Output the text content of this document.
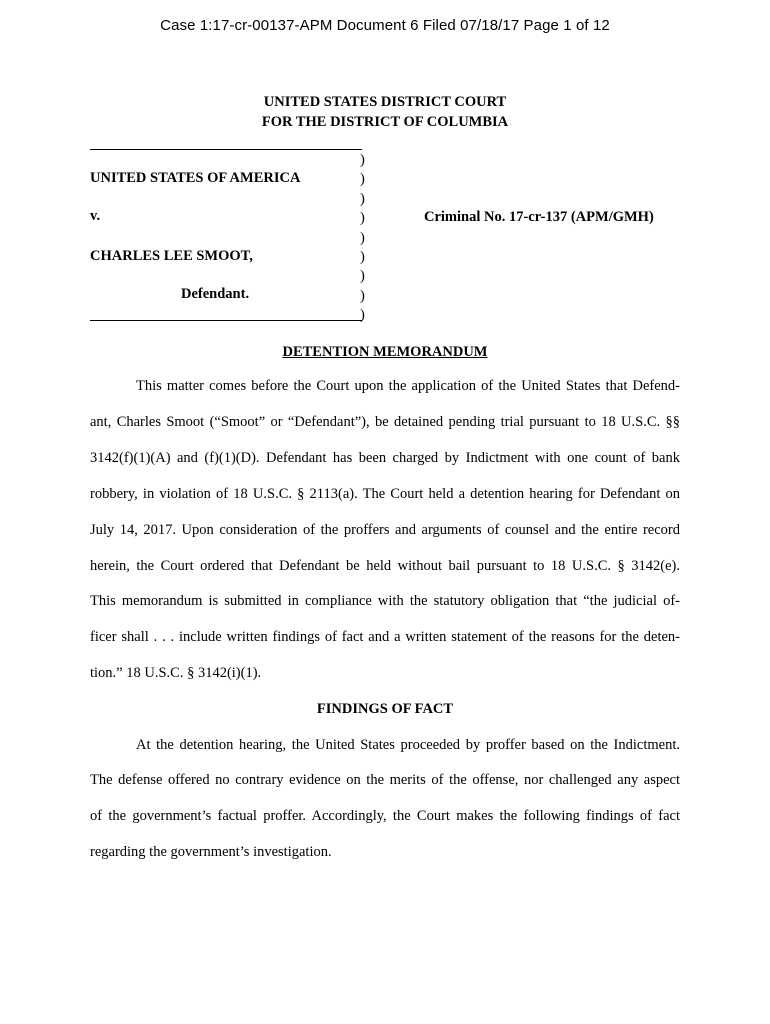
Case 1:17-cr-00137-APM Document 6 Filed 07/18/17 Page 1 of 12
UNITED STATES DISTRICT COURT
FOR THE DISTRICT OF COLUMBIA
)
)
)
)
)
)
)
)
)
UNITED STATES OF AMERICA
v.
CHARLES LEE SMOOT,
Defendant.
Criminal No. 17-cr-137 (APM/GMH)
DETENTION MEMORANDUM
This matter comes before the Court upon the application of the United States that Defend-
ant, Charles Smoot (“Smoot” or “Defendant”), be detained pending trial pursuant to 18 U.S.C. §§
3142(f)(1)(A) and (f)(1)(D). Defendant has been charged by Indictment with one count of bank
robbery, in violation of 18 U.S.C. § 2113(a). The Court held a detention hearing for Defendant on
July 14, 2017. Upon consideration of the proffers and arguments of counsel and the entire record
herein, the Court ordered that Defendant be held without bail pursuant to 18 U.S.C. § 3142(e).
This memorandum is submitted in compliance with the statutory obligation that “the judicial of-
ficer shall . . . include written findings of fact and a written statement of the reasons for the deten-
tion.” 18 U.S.C. § 3142(i)(1).
FINDINGS OF FACT
At the detention hearing, the United States proceeded by proffer based on the Indictment.
The defense offered no contrary evidence on the merits of the offense, nor challenged any aspect
of the government’s factual proffer. Accordingly, the Court makes the following findings of fact
regarding the government’s investigation.
